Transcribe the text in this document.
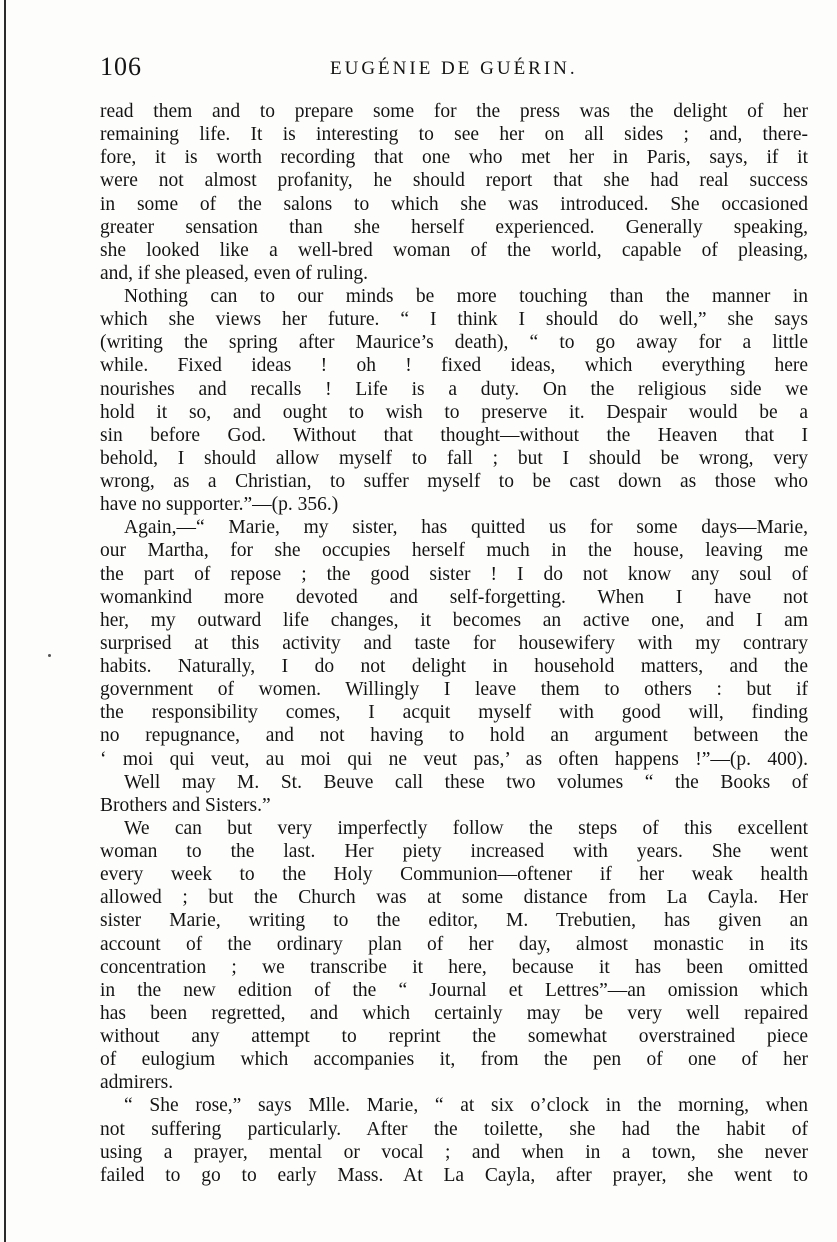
106	EUGÉNIE DE GUÉRIN.
read them and to prepare some for the press was the delight of her
remaining life. It is interesting to see her on all sides ; and, there-
fore, it is worth recording that one who met her in Paris, says, if it
were not almost profanity, he should report that she had real success
in some of the salons to which she was introduced. She occasioned
greater sensation than she herself experienced. Generally speaking,
she looked like a well-bred woman of the world, capable of pleasing,
and, if she pleased, even of ruling.
Nothing can to our minds be more touching than the manner in
which she views her future. “ I think I should do well,” she says
(writing the spring after Maurice’s death), “ to go away for a little
while. Fixed ideas ! oh ! fixed ideas, which everything here
nourishes and recalls ! Life is a duty. On the religious side we
hold it so, and ought to wish to preserve it. Despair would be a
sin before God. Without that thought—without the Heaven that I
behold, I should allow myself to fall ; but I should be wrong, very
wrong, as a Christian, to suffer myself to be cast down as those who
have no supporter.”—(p. 356.)
Again,—“ Marie, my sister, has quitted us for some days—Marie,
our Martha, for she occupies herself much in the house, leaving me
the part of repose ; the good sister ! I do not know any soul of
womankind more devoted and self-forgetting. When I have not
her, my outward life changes, it becomes an active one, and I am
surprised at this activity and taste for housewifery with my contrary
habits. Naturally, I do not delight in household matters, and the
government of women. Willingly I leave them to others : but if
the responsibility comes, I acquit myself with good will, finding
no repugnance, and not having to hold an argument between the
‘ moi qui veut, au moi qui ne veut pas,’ as often happens !”—(p. 400).
Well may M. St. Beuve call these two volumes “ the Books of
Brothers and Sisters.”
We can but very imperfectly follow the steps of this excellent
woman to the last. Her piety increased with years. She went
every week to the Holy Communion—oftener if her weak health
allowed ; but the Church was at some distance from La Cayla. Her
sister Marie, writing to the editor, M. Trebutien, has given an
account of the ordinary plan of her day, almost monastic in its
concentration ; we transcribe it here, because it has been omitted
in the new edition of the “ Journal et Lettres”—an omission which
has been regretted, and which certainly may be very well repaired
without any attempt to reprint the somewhat overstrained piece
of eulogium which accompanies it, from the pen of one of her
admirers.
“ She rose,” says Mlle. Marie, “ at six o’clock in the morning, when
not suffering particularly. After the toilette, she had the habit of
using a prayer, mental or vocal ; and when in a town, she never
failed to go to early Mass. At La Cayla, after prayer, she went to
